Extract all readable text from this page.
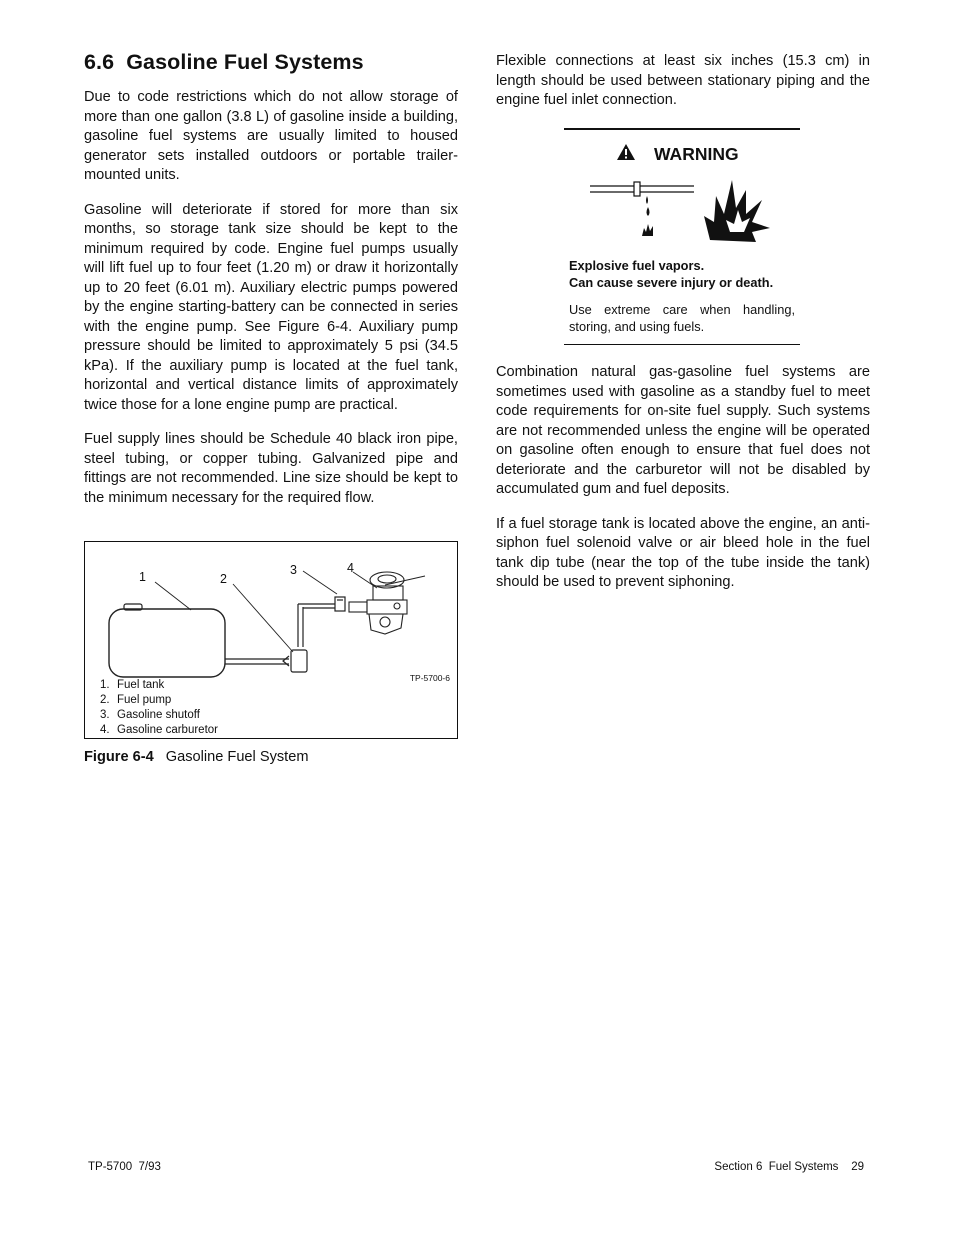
6.6 Gasoline Fuel Systems

Due to code restrictions which do not allow storage of more than one gallon (3.8 L) of gasoline inside a building, gasoline fuel systems are usually limited to housed generator sets installed outdoors or portable trailer-mounted units.

Gasoline will deteriorate if stored for more than six months, so storage tank size should be kept to the minimum required by code. Engine fuel pumps usually will lift fuel up to four feet (1.20 m) or draw it horizontally up to 20 feet (6.01 m). Auxiliary electric pumps powered by the engine starting-battery can be connected in series with the engine pump. See Figure 6-4. Auxiliary pump pressure should be limited to approximately 5 psi (34.5 kPa). If the auxiliary pump is located at the fuel tank, horizontal and vertical distance limits of approximately twice those for a lone engine pump are practical.

Fuel supply lines should be Schedule 40 black iron pipe, steel tubing, or copper tubing. Galvanized pipe and fittings are not recommended. Line size should be kept to the minimum necessary for the required flow.

1	2
3	4
TP-5700-6
1. Fuel tank
2. Fuel pump
3. Gasoline shutoff
4. Gasoline carburetor
Figure 6-4 Gasoline Fuel System

Flexible connections at least six inches (15.3 cm) in length should be used between stationary piping and the engine fuel inlet connection.

WARNING
Explosive fuel vapors.
Can cause severe injury or death.
Use extreme care when handling, storing, and using fuels.

Combination natural gas-gasoline fuel systems are sometimes used with gasoline as a standby fuel to meet code requirements for on-site fuel supply. Such systems are not recommended unless the engine will be operated on gasoline often enough to ensure that fuel does not deteriorate and the carburetor will not be disabled by accumulated gum and fuel deposits.

If a fuel storage tank is located above the engine, an anti-siphon fuel solenoid valve or air bleed hole in the fuel tank dip tube (near the top of the tube inside the tank) should be used to prevent siphoning.

TP-5700  7/93	Section 6  Fuel Systems    29
